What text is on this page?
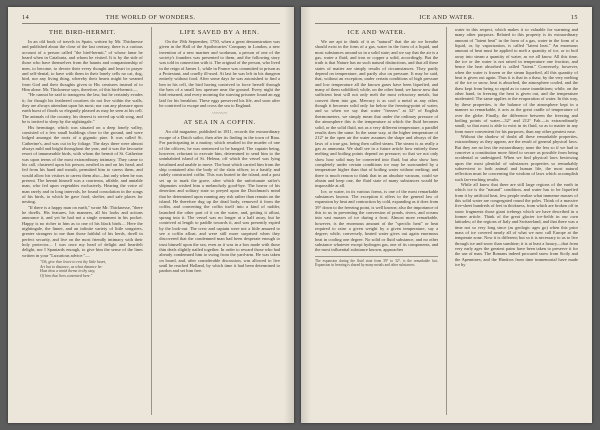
14	THE WORLD OF WONDERS.
THE BIRD-HERMIT.

In an old book of travels in Spain, written by Mr. Thicknesse and published about the close of the last century, there is a curious account of a person called "the bird-hermit," of whose fame he heard when in Catalonia, and whom he visited. It is by the side of those who have themselves from the haunts and companionship of men, to become, to devote their every thought and heart to prayer and self-denial, to have with them in their lonely cells no cat, dog, bird, nor any living thing, whereby their hearts might be weaned from God and their thoughts given to His creatures instead of to Him alone. Mr. Thicknesse says, therefore, of this bird-hermit:—

"He cannot be said to transgress the law, but he certainly evades it; for though his feathered courtiers do not live within the walls, they are always attendant upon his most; nor can any pleasure upon earth burst of floods so elegantly pleased as may be seen at his cell. The animals of the country, his dearest is served up with song, and he is invited to sleep by the nightingale."

His hermitage, which was situated on a deep lonely valley, consisted of a few small buildings close to the ground, and were lodged amongst the roots of a gigantic pine. It was called St. Catherine's, and was cut in by foliage. The days there were almost always mild and bright throughout the year, and it was the favourite resort of innumerable birds, with whom the hermit of St. Catherine was upon terms of the most extraordinary intimacy. They came to his call, clustered upon his person, nestled in and on his head, and fed from his hand and mouth, permitted him to caress them, and would allow his visitors to caress them also—but only when he was present. The hermit himself was a courteous, affable, and amiable man, who fed upon vegetables exclusively. Hearing the voice of man rarely and in long intervals, he found consolation in the songs of his birds, to which he gave food, shelter, and safe places for nesting.

"If there is a happy man on earth," wrote Mr. Thicknesse, "there he dwells. His features, his manners, all his looks and actions announce it, and yet he had not a single ornament in his pocket. Happy is no richer to him as to one of his black birds.... Here the nightingale, the linnet, and an infinite variety of little songsters, greater strangers to me than those faithful of his herds, dwell in perfect security, and live on the most friendly intimacy with their holy protector.... I was once my head of delight and heartfelt delight, nor I Spaniards enough, to give him the sense of the lines written in your "Luxurious advice:"—

"Oh, give thee leave to rest thy little heart,
Art but to distance, as what distance be:
Hast thou a timid theme in thy stay,
Of him that lives contented here."
LIFE SAVED BY A HEN.

On the 19th September, 1750, when a great demonstration was given in the Hall of the Apothecaries' Company in London, a new invention of a new mariner and workman, a person of one of the society's founders was presented to them, and the following story was told in connection with it. The original of the person, who lived in the reign of James I., while in France was committed to prison as a Protestant, and cruelly ill-used. At last he was left in his dungeon entirely without food. After some days he was astonished to find a hen in his cell, the bird having contrived to force herself through the bars of a small low aperture near the ground. Every night the bird returned, and every morning the starving prisoner found an egg laid for his breakfast. These eggs preserved his life, and soon after he contrived to escape and cross the sea to England.

〰〰〰
AT SEA IN A COFFIN.

An old magazine, published in 1811, records the extraordinary escape of a Dutch sailor, then after its finding in the town of Riau. For participating in a mutiny, which resulted in the murder of one of the officers, he was sentenced to be hanged. The captain being, however, reluctant to execute him, determined to send him to the uninhabited island of St. Helena, off which the vessel was lying becalmed and unable to move. The boat which carried him from the ship contained also the body of the slain officer, in a hastily and rudely constructed coffin. This was buried in the island, and a post set up to mark the grave, after which the unfortunate sailor's shipmates wished him a melancholy good-bye. The horror of his desertion and solitary state so preyed upon the Dutchman's mind that he determined upon running any risk rather than remain on the island. He therefore dug up the dead body, removed it from the coffin, and converting the coffin itself into a kind of rudder, launched the other part of it on the water, and, getting it afloat, sprang into it. The vessel was no longer at a half away, but he contrived at length to paddle towards it, and was presently espied by the look-out. The crew and captain were not a little amazed to see a coffin afloat, and were still more surprised when they discovered that the condemned man had been desperate enough to trust himself upon the sea, even as it was in a box made with those thin deals slightly nailed together. In order to reward those who had already condemned him to swing from the yard-arm. He was taken on board, and, after considerable discussion, was allowed to live until he reached Holland, by which time it had been determined to pardon and set him free.

ICE AND WATER.	15
ICE AND WATER.

We are apt to think of it as "natural" that the air we breathe should exist in the form of a gas, water in the form of a liquid, and most substances around us in a solid state; and we say that the air is a gas, water a fluid, and iron or copper a solid, accordingly. But the truth is that Nature has no such natural distinctions, and that all these states of matter are simply results of circumstances. They partly depend on temperature, and partly also on pressure. It may be said, that, without an exception, under certain conditions of high pressure and low temperature all the known gases have been liquefied, and many of them solidified; while, on the other hand, we know now that sufficient heat will not only melt the most refractory metals, but convert them into gas. Mercury is as cool a metal as any other, though it becomes solid only far below the freezing-point of water; and so when we say that water "freezes" at 32° of English thermometers, we simply mean that under the ordinary pressure of the atmosphere this is the temperature at which the fluid becomes solid, or the solid fluid, not as a very different temperature, a parallel results does the same. In the same way, at the higher temperature of 212° in the open air the water assumes the shape and always of the laws of a true gas, being then called steam. The steam is as really a gas as ammonia. We shall see in a future article how entirely these melting and boiling points depend on pressure; so that we not only show how solid may be converted into fluid, but also show how completely under certain conditions ice may be surrounded by a temperature higher than that of boiling water without melting; and there is much reason to think that in an absolute vacuum, could we obtain and keep one, the fluid state of many substances would be impossible at all.

Ice, or water, in its various forms, is one of the most remarkable substances known. The exception it offers to the general law of expansion by heat and contraction by cold, expanding as it does from 39° down to the freezing point, is well known; also the importance of this to us in preventing the conversion of ponds, rivers, and oceans into vast masses of ice during a frost. Almost more remarkable, however, is the enormous amount of the "specific heat" or heat required to raise a given weight by a given temperature, say a degree; while, conversely, heated water gives out again enormous heat in cooling one degree. No solid or fluid substance, and no other substance whatever except hydrogen gas, one of its components, and the most influential substance known, approaches

The expansion during the fluid state from 39° to 32°, is the remarkable fact. Expansion in freezing is shared by many metals and other substances.

water in this respect, which makes it so valuable for warming and many other purposes. Related to this property is its extraordinary amount of "latent heat" in the form of a gas, water in the form of a liquid, or, by vaporization, is called "latent heat." An enormous amount of heat must be applied to melt a quantity of ice, or to boil away into steam a quantity of water, as we all know. All this time, the ice or the water is not raised in temperature one fraction, and hence the heat absorbed is called "latent." Conversely, however, when the water is frozen or the steam liquefied, all this quantity of heat is given out again. Thus it is that in a thaw, by the very melting of the ice or snow, heat is absorbed, the atmosphere cooled, and the thaw kept from being so rapid as to cause inundations; while, on the other hand, in freezing the heat is given out, and the temperature moderated. The same applies to the evaporation of water. In this way, by these properties, is the balance of the atmosphere kept in a manner so remarkable, it acts as the great cradle of temperature of over the globe. Finally, the difference between the freezing and boiling points of water—32° and 212° Fah.—is extraordinarily small; so that most is able to exist in its fluid, so as to matter in any form more convenient for his purposes, than any other greatest ease.

Without the shadow of doubt all these remarkable properties, extraordinary as they appear, are the result of general physical laws. But they are no less the extraordinary; none the less so if we had to conceive a constitution more fitted to secure as possible from being accidental or undesigned. When we find physical laws bestowing upon the most plentiful of substances properties so remarkably subservient to both animal and human life, the most natural reflection must be concerning the wisdom of laws which accomplish such far-reaching results.

While all know that there are still large regions of the earth in which ice is the "natural" condition, and water has to be liquefied from it by artificial heat, few people realize what immense masses of this solid water are congregated round the poles. Think of a massive five-sheet hundreds of feet in thickness, from which are broken off in snow fragments those giant icebergs which we have described in a former article. Think of the great glacier ice-fields in our own latitudes; of the regions of Italy and Switzerland, and that there was a time not so very long since (as geologic ages go) when this prior mass of ice covered nearly all of what we now call Europe at the temperate zone. Now it is different; but so it is necessary to us to live through ice and snow than sunshine; it is at least a luxury—that from very early ages the greatest pains have been taken to preserve it for the use of man. The Romans indeed procured snow from Sicily and the Apennines; and the Hindoos from time immemorial have made ice by
